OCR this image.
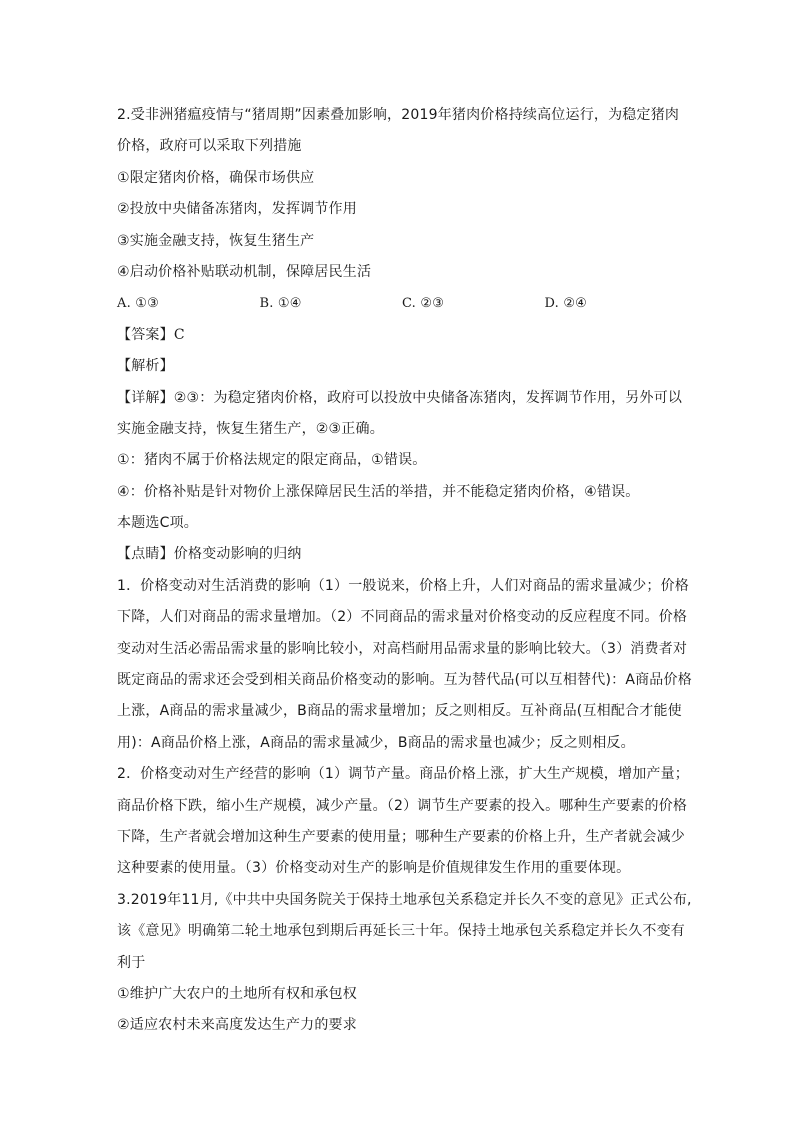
2.受非洲猪瘟疫情与“猪周期”因素叠加影响，2019年猪肉价格持续高位运行，为稳定猪肉
价格，政府可以采取下列措施
①限定猪肉价格，确保市场供应
②投放中央储备冻猪肉，发挥调节作用
③实施金融支持，恢复生猪生产
④启动价格补贴联动机制，保障居民生活
A. ①③	B. ①④	C. ②③	D. ②④
【答案】C
【解析】
【详解】②③：为稳定猪肉价格，政府可以投放中央储备冻猪肉，发挥调节作用，另外可以
实施金融支持，恢复生猪生产，②③正确。
①：猪肉不属于价格法规定的限定商品，①错误。
④：价格补贴是针对物价上涨保障居民生活的举措，并不能稳定猪肉价格，④错误。
本题选C项。
【点睛】价格变动影响的归纳
1．价格变动对生活消费的影响（1）一般说来，价格上升，人们对商品的需求量减少；价格
下降，人们对商品的需求量增加。（2）不同商品的需求量对价格变动的反应程度不同。价格
变动对生活必需品需求量的影响比较小，对高档耐用品需求量的影响比较大。（3）消费者对
既定商品的需求还会受到相关商品价格变动的影响。互为替代品(可以互相替代)：A商品价格
上涨，A商品的需求量减少，B商品的需求量增加；反之则相反。互补商品(互相配合才能使
用)：A商品价格上涨，A商品的需求量减少，B商品的需求量也减少；反之则相反。
2．价格变动对生产经营的影响（1）调节产量。商品价格上涨，扩大生产规模，增加产量；
商品价格下跌，缩小生产规模，减少产量。（2）调节生产要素的投入。哪种生产要素的价格
下降，生产者就会增加这种生产要素的使用量；哪种生产要素的价格上升，生产者就会减少
这种要素的使用量。（3）价格变动对生产的影响是价值规律发生作用的重要体现。
3.2019年11月,《中共中央国务院关于保持土地承包关系稳定并长久不变的意见》正式公布,
该《意见》明确第二轮土地承包到期后再延长三十年。保持土地承包关系稳定并长久不变有
利于
①维护广大农户的土地所有权和承包权
②适应农村未来高度发达生产力的要求
